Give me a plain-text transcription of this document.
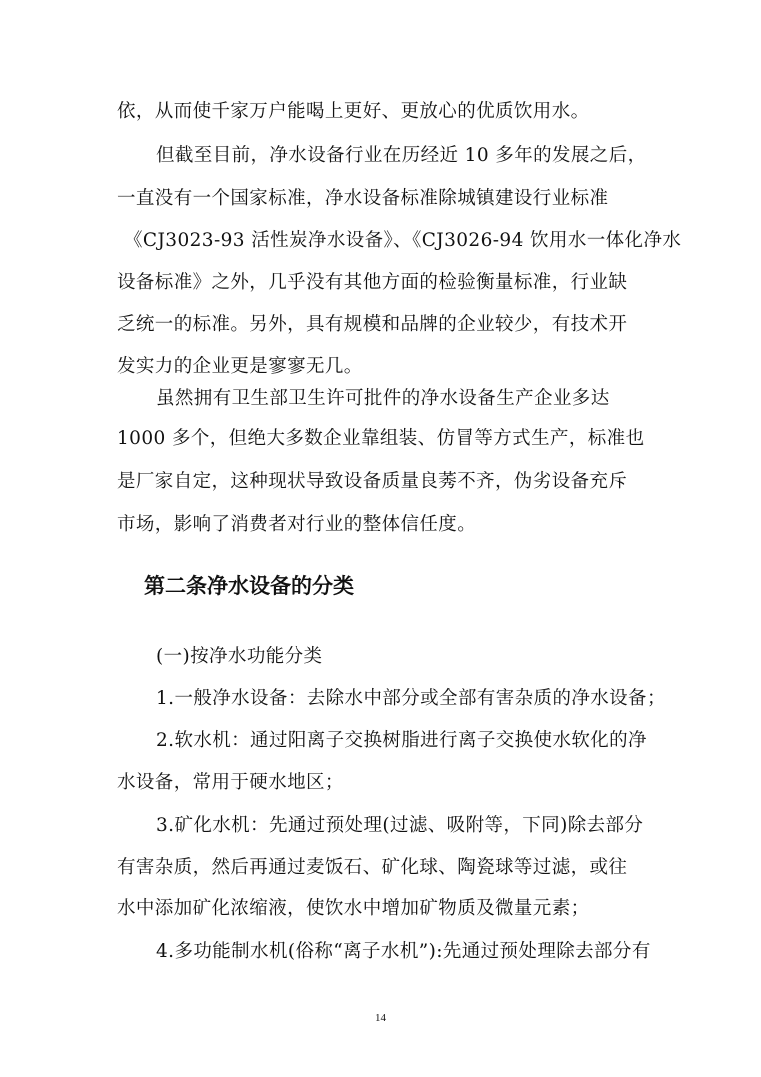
依，从而使千家万户能喝上更好、更放心的优质饮用水。
但截至目前，净水设备行业在历经近 10 多年的发展之后，
一直没有一个国家标准，净水设备标准除城镇建设行业标准
《CJ3023-93 活性炭净水设备》、《CJ3026-94 饮用水一体化净水
设备标准》之外，几乎没有其他方面的检验衡量标准，行业缺
乏统一的标准。另外，具有规模和品牌的企业较少，有技术开
发实力的企业更是寥寥无几。
虽然拥有卫生部卫生许可批件的净水设备生产企业多达
1000 多个，但绝大多数企业靠组装、仿冒等方式生产，标准也
是厂家自定，这种现状导致设备质量良莠不齐，伪劣设备充斥
市场，影响了消费者对行业的整体信任度。
第二条净水设备的分类
(一)按净水功能分类
1.一般净水设备：去除水中部分或全部有害杂质的净水设备；
2.软水机：通过阳离子交换树脂进行离子交换使水软化的净
水设备，常用于硬水地区；
3.矿化水机：先通过预处理(过滤、吸附等，下同)除去部分
有害杂质，然后再通过麦饭石、矿化球、陶瓷球等过滤，或往
水中添加矿化浓缩液，使饮水中增加矿物质及微量元素；
4.多功能制水机(俗称“离子水机”):先通过预处理除去部分有
14
